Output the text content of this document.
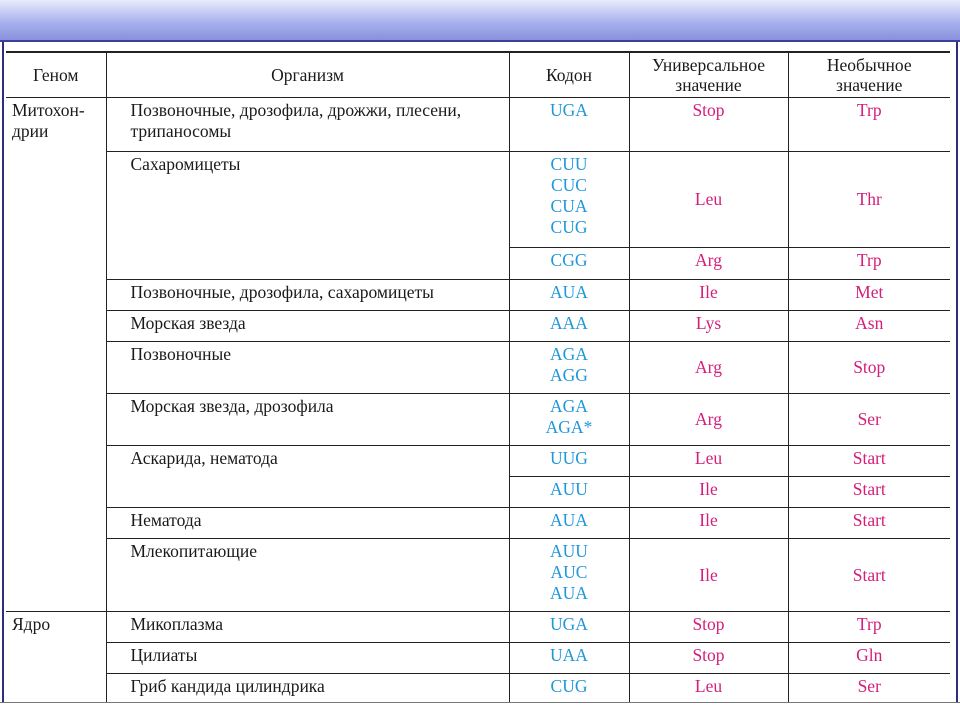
Геном	Организм	Кодон	Универсальное значение	Необычное значение
Митохон-дрии	Позвоночные, дрозофила, дрожжи, плесени, трипаносомы	UGA	Stop	Trp
	Сахаромицеты	CUU
CUC
CUA
CUG	Leu	Thr

		CGG	Arg	Trp
	Позвоночные, дрозофила, сахаромицеты	AUA	Ile	Met
	Морская звезда	AAA	Lys	Asn
	Позвоночные	AGA
AGG	Arg	Stop
	Морская звезда, дрозофила	AGA
AGA*	Arg	Ser
	Аскарида, нематода	UUG	Leu	Start

		AUU	Ile	Start
	Нематода	AUA	Ile	Start
	Млекопитающие	AUU
AUC
AUA	Ile	Start
Ядро	Микоплазма	UGA	Stop	Trp
	Цилиаты	UAA	Stop	Gln
	Гриб кандида цилиндрика	CUG	Leu	Ser
